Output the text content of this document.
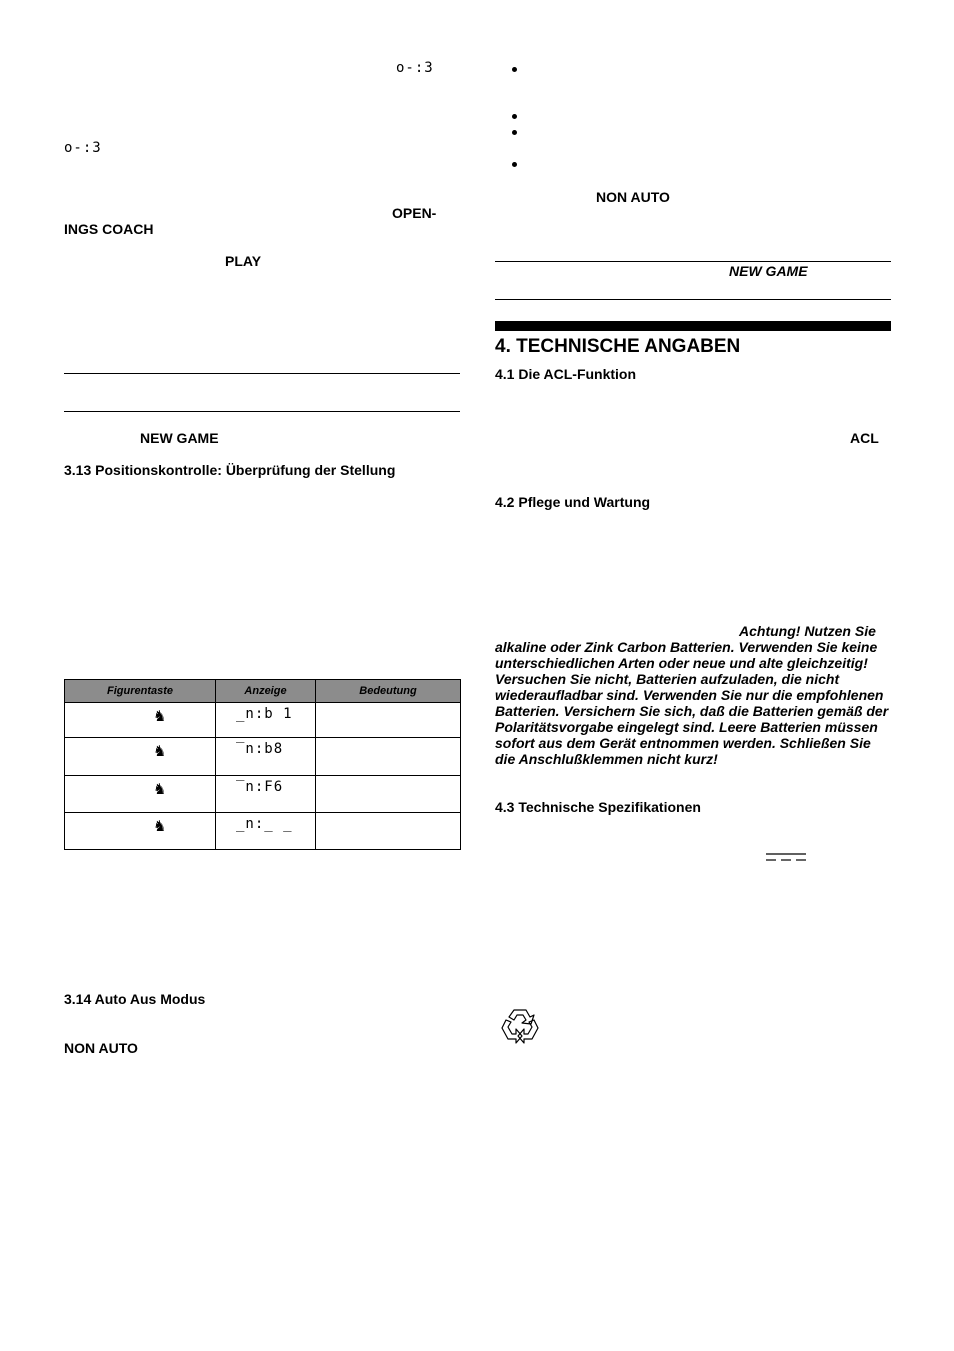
o-:3
o-:3
OPEN-
INGS COACH
PLAY
NEW GAME
3.13 Positionskontrolle: Überprüfung der Stellung
Figurentaste	Anzeige	Bedeutung

♞	_n:b 1	

♞	‾n:b8	

♞	‾n:F6	

♞	_n:_ _	

3.14 Auto Aus Modus
NON AUTO
NON AUTO
NEW GAME
4. TECHNISCHE ANGABEN
4.1 Die ACL-Funktion
ACL
4.2 Pflege und Wartung
Achtung! Nutzen Sie
alkaline oder Zink Carbon Batterien. Verwenden Sie keine unterschiedlichen Arten oder neue und alte gleichzeitig! Versuchen Sie nicht, Batterien aufzuladen, die nicht wiederaufladbar sind. Verwenden Sie nur die empfohlenen Batterien. Versichern Sie sich, daß die Batterien gemäß der Polaritätsvorgabe eingelegt sind. Leere Batterien müssen sofort aus dem Gerät entnommen werden. Schließen Sie die Anschlußklemmen nicht kurz!
4.3 Technische Spezifikationen
